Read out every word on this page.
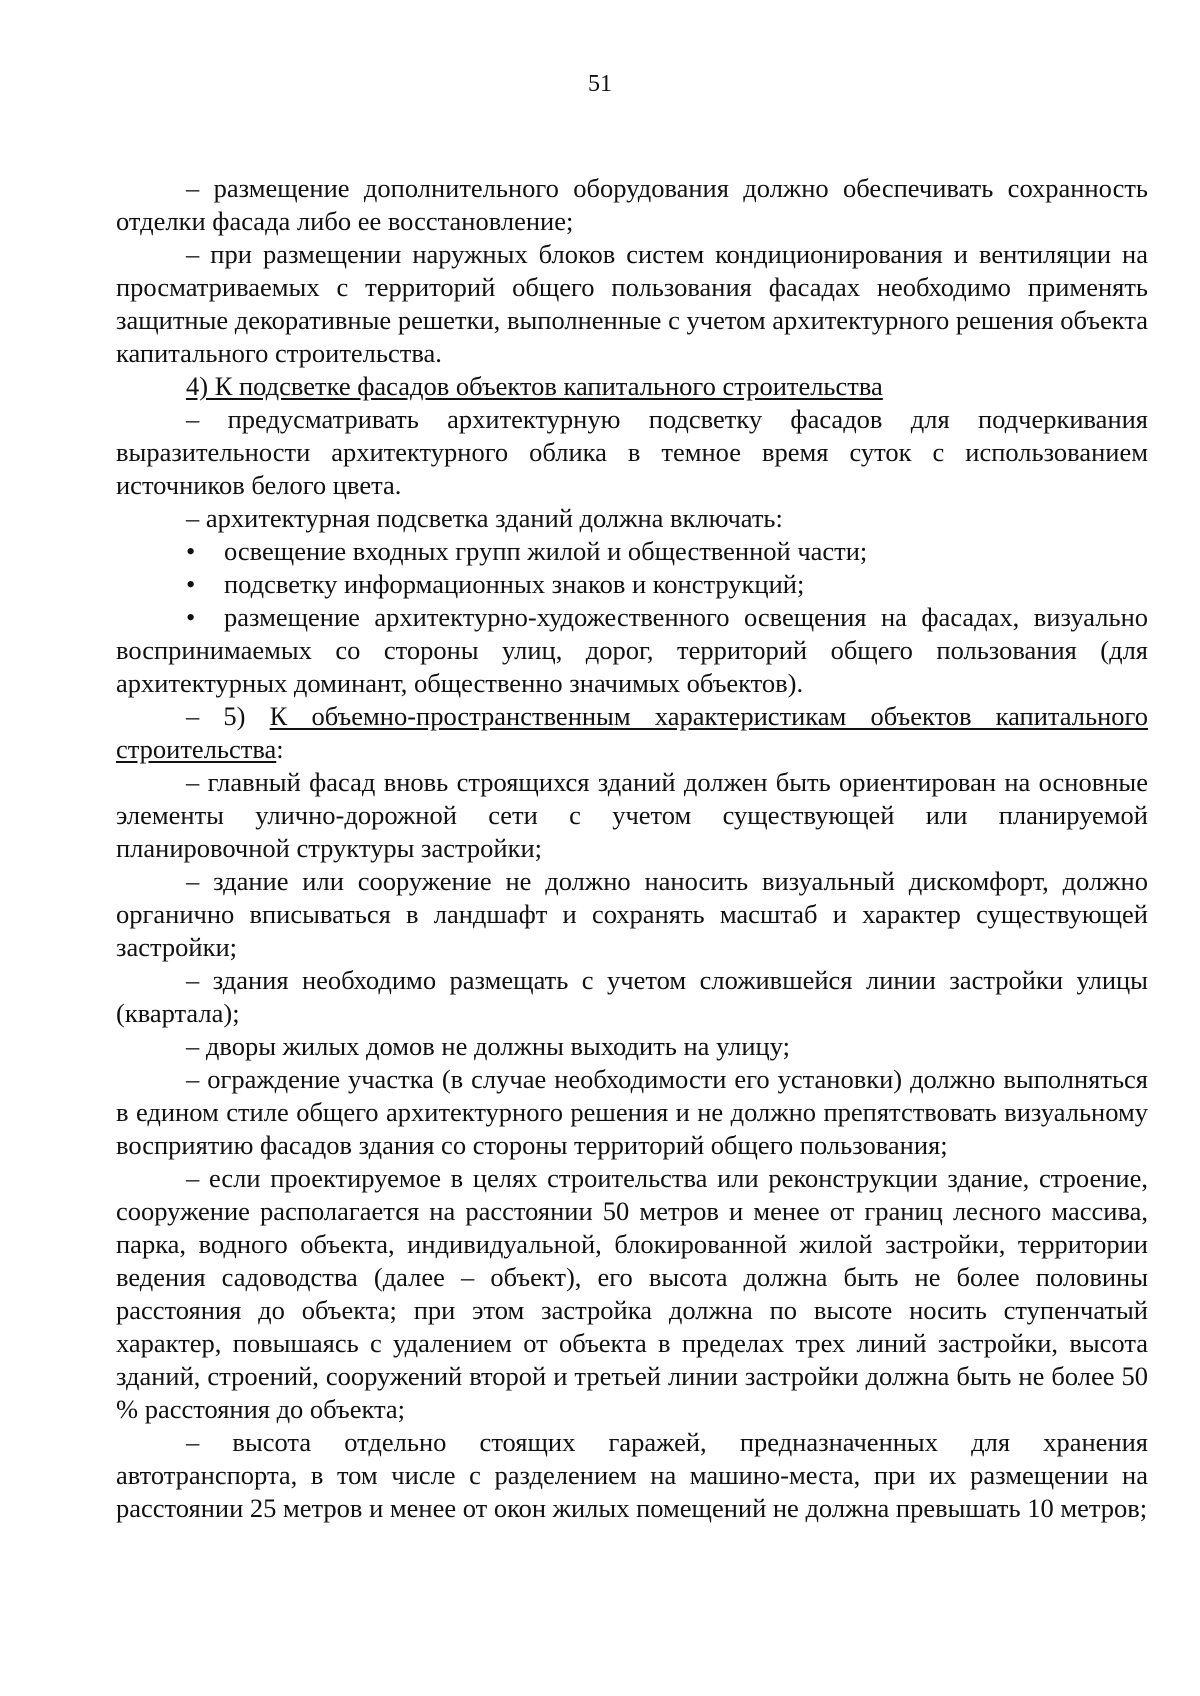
51

– размещение дополнительного оборудования должно обеспечивать сохранность отделки фасада либо ее восстановление;

– при размещении наружных блоков систем кондиционирования и вентиляции на просматриваемых с территорий общего пользования фасадах необходимо применять защитные декоративные решетки, выполненные с учетом архитектурного решения объекта капитального строительства.

4) К подсветке фасадов объектов капитального строительства

– предусматривать архитектурную подсветку фасадов для подчеркивания выразительности архитектурного облика в темное время суток с использованием источников белого цвета.

– архитектурная подсветка зданий должна включать:

• освещение входных групп жилой и общественной части;

• подсветку информационных знаков и конструкций;

• размещение архитектурно-художественного освещения на фасадах, визуально воспринимаемых со стороны улиц, дорог, территорий общего пользования (для архитектурных доминант, общественно значимых объектов).

– 5) К объемно-пространственным характеристикам объектов капитального строительства:

– главный фасад вновь строящихся зданий должен быть ориентирован на основные элементы улично-дорожной сети с учетом существующей или планируемой планировочной структуры застройки;

– здание или сооружение не должно наносить визуальный дискомфорт, должно органично вписываться в ландшафт и сохранять масштаб и характер существующей застройки;

– здания необходимо размещать с учетом сложившейся линии застройки улицы (квартала);

– дворы жилых домов не должны выходить на улицу;

– ограждение участка (в случае необходимости его установки) должно выполняться в едином стиле общего архитектурного решения и не должно препятствовать визуальному восприятию фасадов здания со стороны территорий общего пользования;

– если проектируемое в целях строительства или реконструкции здание, строение, сооружение располагается на расстоянии 50 метров и менее от границ лесного массива, парка, водного объекта, индивидуальной, блокированной жилой застройки, территории ведения садоводства (далее – объект), его высота должна быть не более половины расстояния до объекта; при этом застройка должна по высоте носить ступенчатый характер, повышаясь с удалением от объекта в пределах трех линий застройки, высота зданий, строений, сооружений второй и третьей линии застройки должна быть не более 50 % расстояния до объекта;

– высота отдельно стоящих гаражей, предназначенных для хранения автотранспорта, в том числе с разделением на машино-места, при их размещении на расстоянии 25 метров и менее от окон жилых помещений не должна превышать 10 метров;
